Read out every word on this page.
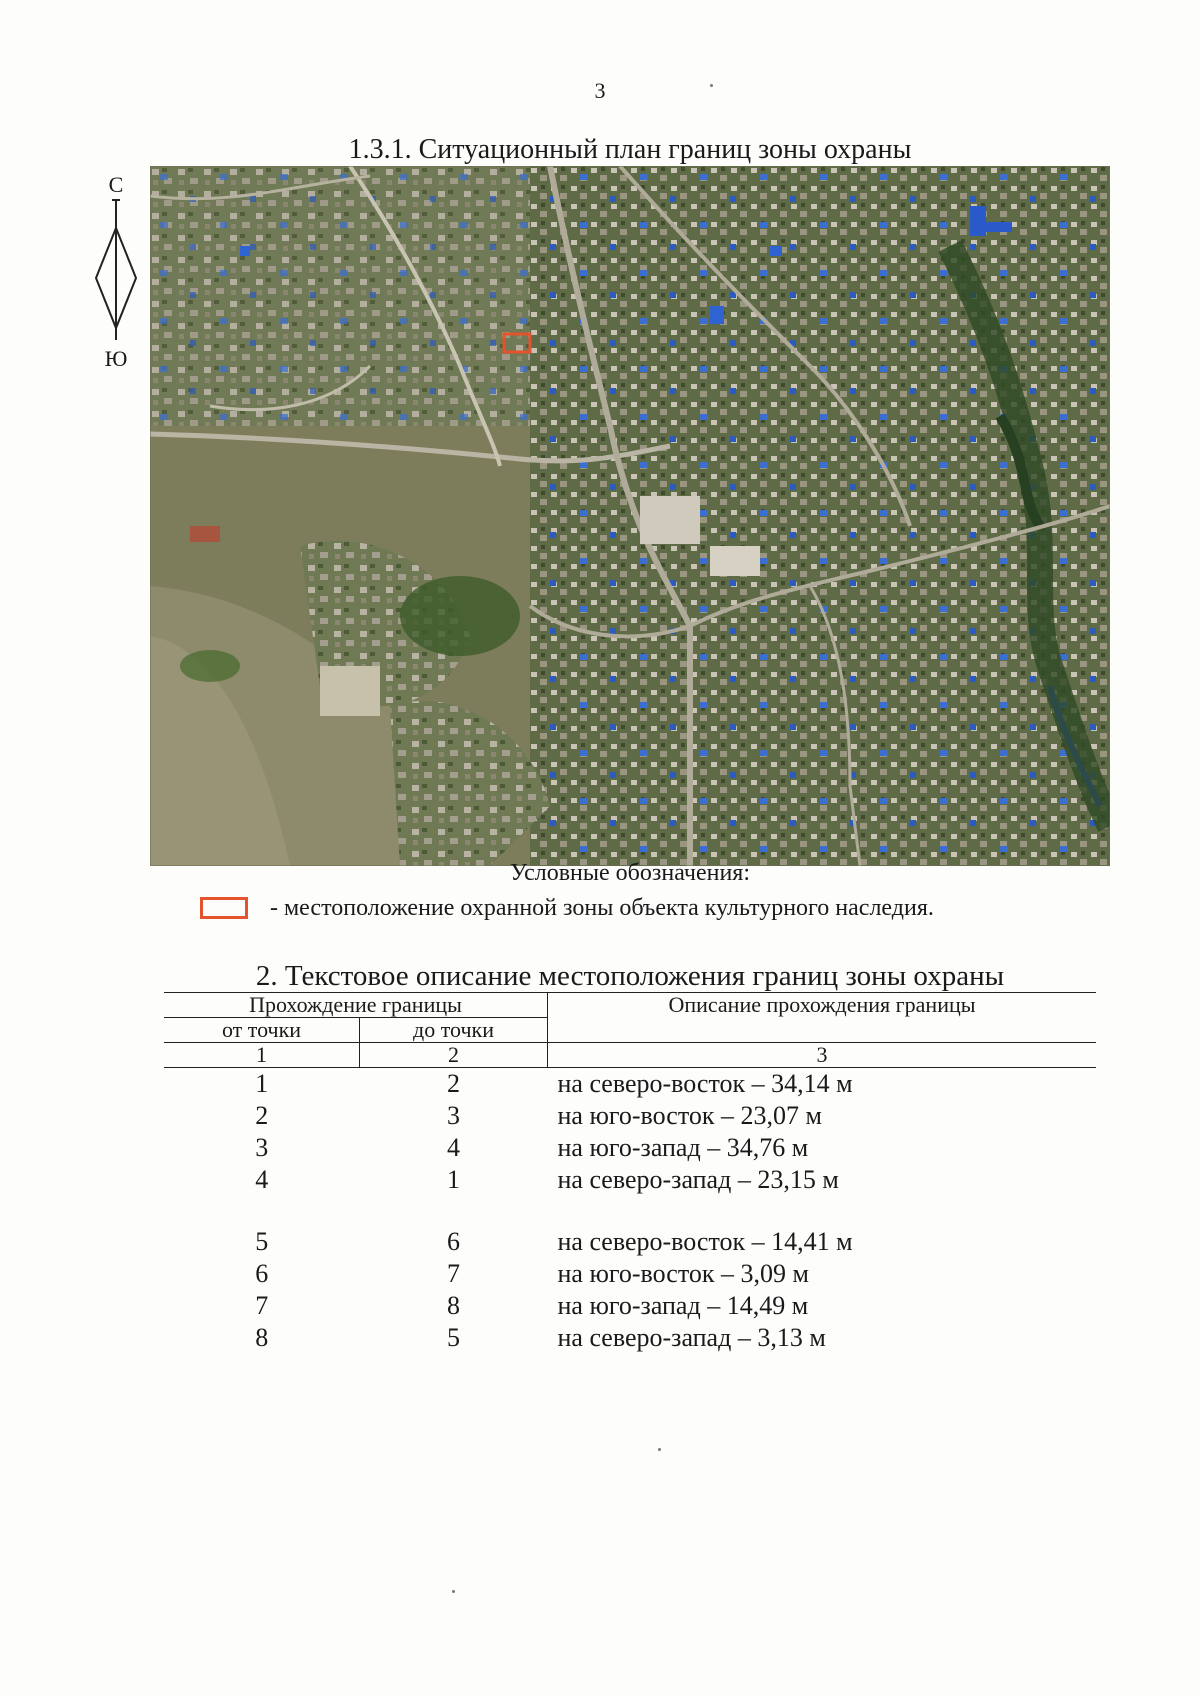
3
1.3.1. Ситуационный план границ зоны охраны
С
Ю
Условные обозначения:
- местоположение охранной зоны объекта культурного наследия.
2. Текстовое описание местоположения границ зоны охраны
Прохождение границы		Описание прохождения границы
от точки	до точки	
1	2	3
1	2	на северо-восток – 34,14 м
2	3	на юго-восток – 23,07 м
3	4	на юго-запад – 34,76 м
4	1	на северо-запад – 23,15 м

5	6	на северо-восток – 14,41 м
6	7	на юго-восток – 3,09 м
7	8	на юго-запад – 14,49 м
8	5	на северо-запад – 3,13 м
